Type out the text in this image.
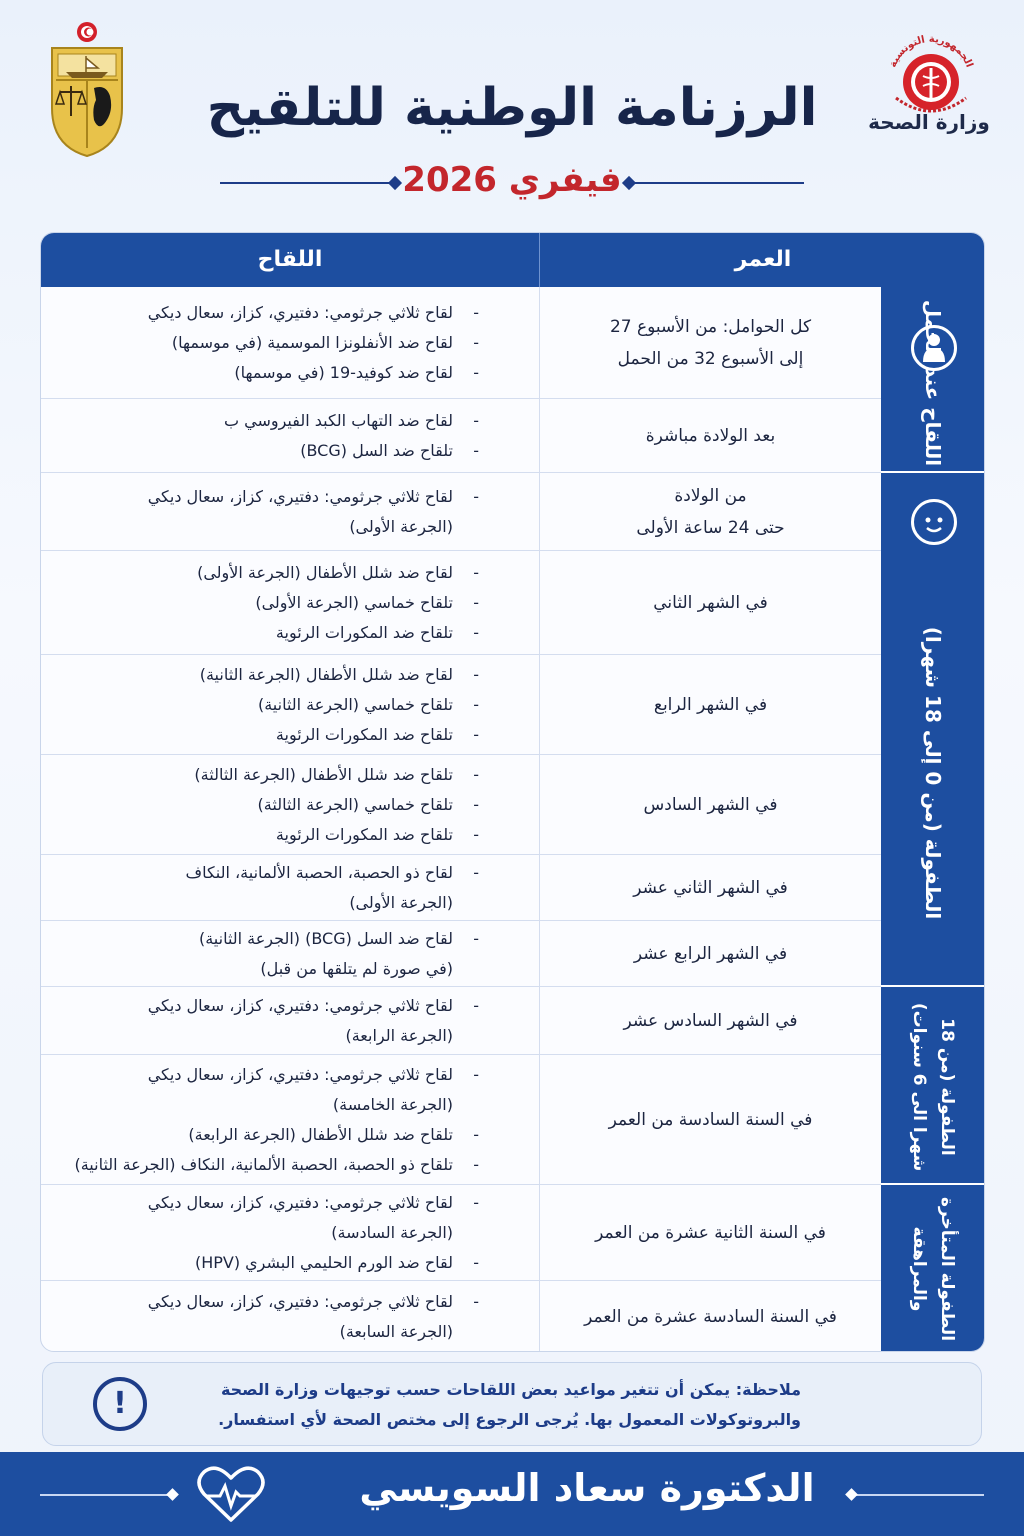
الجمهورية التونسية
وزارة الصحة
الرزنامة الوطنية للتلقيح
فيفري 2026
اللقاح	العمر
- لقاح ثلاثي جرثومي: دفتيري، كزاز، سعال ديكي
- لقاح ضد الأنفلونزا الموسمية (في موسمها)
- لقاح ضد كوفيد-19 (في موسمها)
كل الحوامل: من الأسبوع 27
إلى الأسبوع 32 من الحمل
- لقاح ضد التهاب الكبد الفيروسي ب
- تلقاح ضد السل (BCG)
بعد الولادة مباشرة
- لقاح ثلاثي جرثومي: دفتيري، كزاز، سعال ديكي
(الجرعة الأولى)
من الولادة
حتى 24 ساعة الأولى
- لقاح ضد شلل الأطفال (الجرعة الأولى)
- تلقاح خماسي (الجرعة الأولى)
- تلقاح ضد المكورات الرئوية
في الشهر الثاني
- لقاح ضد شلل الأطفال (الجرعة الثانية)
- تلقاح خماسي (الجرعة الثانية)
- تلقاح ضد المكورات الرئوية
في الشهر الرابع
- تلقاح ضد شلل الأطفال (الجرعة الثالثة)
- تلقاح خماسي (الجرعة الثالثة)
- تلقاح ضد المكورات الرئوية
في الشهر السادس
- لقاح ذو الحصبة، الحصبة الألمانية، النكاف
(الجرعة الأولى)
في الشهر الثاني عشر
- لقاح ضد السل (BCG) (الجرعة الثانية)
(في صورة لم يتلقها من قبل)
في الشهر الرابع عشر
- لقاح ثلاثي جرثومي: دفتيري، كزاز، سعال ديكي
(الجرعة الرابعة)
في الشهر السادس عشر
- لقاح ثلاثي جرثومي: دفتيري، كزاز، سعال ديكي
(الجرعة الخامسة)
- تلقاح ضد شلل الأطفال (الجرعة الرابعة)
- تلقاح ذو الحصبة، الحصبة الألمانية، النكاف (الجرعة الثانية)
في السنة السادسة من العمر
- لقاح ثلاثي جرثومي: دفتيري، كزاز، سعال ديكي
(الجرعة السادسة)
- لقاح ضد الورم الحليمي البشري (HPV)
في السنة الثانية عشرة من العمر
- لقاح ثلاثي جرثومي: دفتيري، كزاز، سعال ديكي
(الجرعة السابعة)
في السنة السادسة عشرة من العمر
اللقاح عند الحمل
الطفولة (من 0 إلى 18 شهرا)
الطفولة (من 18 شهرا الى 6 سنوات)
الطفولة المتأخرة والمراهقة
!	ملاحظة: يمكن أن تتغير مواعيد بعض اللقاحات حسب توجيهات وزارة الصحة
والبروتوكولات المعمول بها. يُرجى الرجوع إلى مختص الصحة لأي استفسار.
الدكتورة سعاد السويسي
